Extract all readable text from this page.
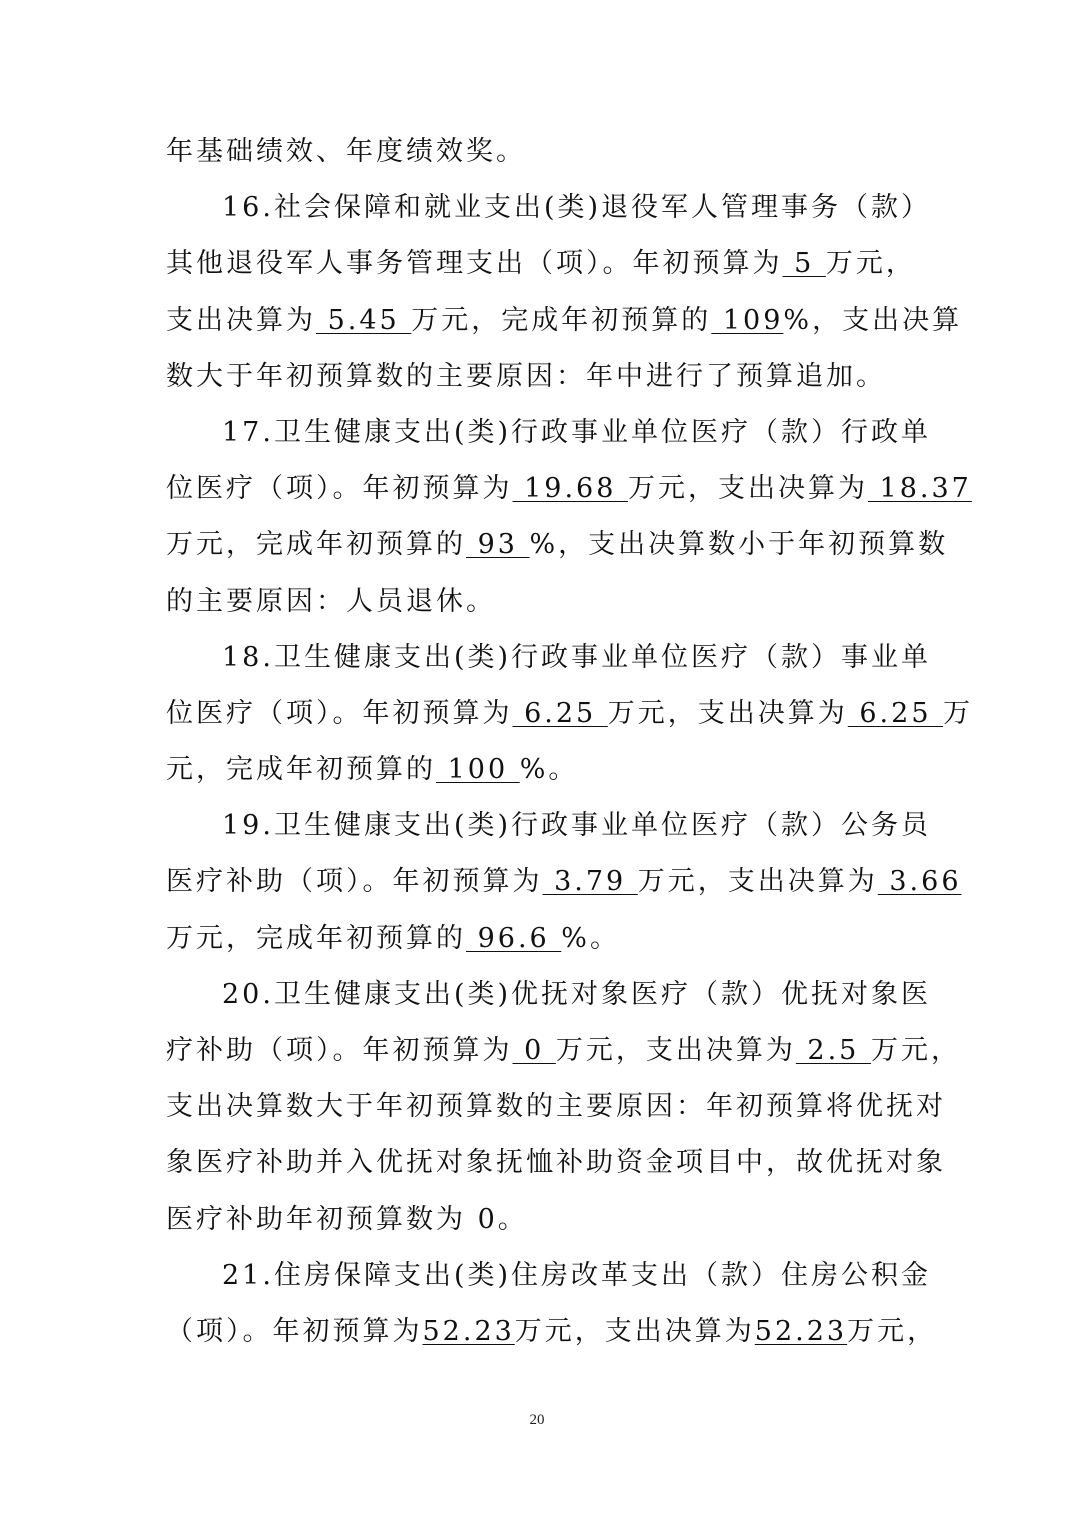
年基础绩效、年度绩效奖。
16.社会保障和就业支出(类)退役军人管理事务（款）
其他退役军人事务管理支出（项）。年初预算为 5 万元，
支出决算为 5.45 万元，完成年初预算的 109%，支出决算
数大于年初预算数的主要原因：年中进行了预算追加。
17.卫生健康支出(类)行政事业单位医疗（款）行政单
位医疗（项）。年初预算为 19.68 万元，支出决算为 18.37
万元，完成年初预算的 93 %，支出决算数小于年初预算数
的主要原因：人员退休。
18.卫生健康支出(类)行政事业单位医疗（款）事业单
位医疗（项）。年初预算为 6.25 万元，支出决算为 6.25 万
元，完成年初预算的 100 %。
19.卫生健康支出(类)行政事业单位医疗（款）公务员
医疗补助（项）。年初预算为 3.79 万元，支出决算为 3.66
万元，完成年初预算的 96.6 %。
20.卫生健康支出(类)优抚对象医疗（款）优抚对象医
疗补助（项）。年初预算为 0 万元，支出决算为 2.5 万元，
支出决算数大于年初预算数的主要原因：年初预算将优抚对
象医疗补助并入优抚对象抚恤补助资金项目中，故优抚对象
医疗补助年初预算数为 0。
21.住房保障支出(类)住房改革支出（款）住房公积金
（项）。年初预算为52.23万元，支出决算为52.23万元，
20
